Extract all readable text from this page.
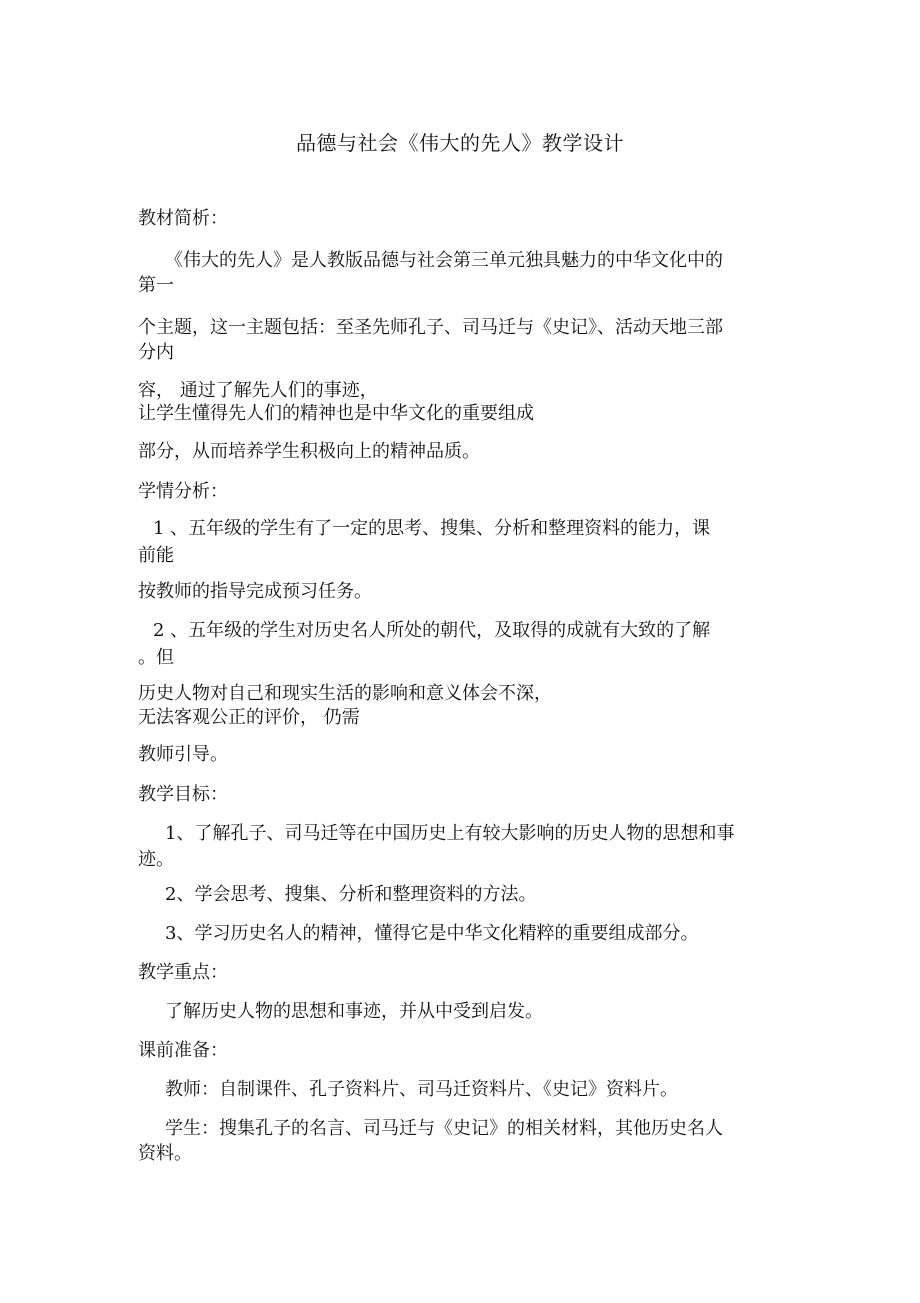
品德与社会《伟大的先人》教学设计
教材简析：
《伟大的先人》是人教版品德与社会第三单元独具魅力的中华文化中的
第一
个主题，这一主题包括：至圣先师孔子、司马迁与《史记》、活动天地三部
分内
容， 通过了解先人们的事迹，
让学生懂得先人们的精神也是中华文化的重要组成
部分，从而培养学生积极向上的精神品质。
学情分析：
1 、五年级的学生有了一定的思考、搜集、分析和整理资料的能力，课
前能
按教师的指导完成预习任务。
2 、五年级的学生对历史名人所处的朝代，及取得的成就有大致的了解
。但
历史人物对自己和现实生活的影响和意义体会不深，
无法客观公正的评价， 仍需
教师引导。
教学目标：
1、了解孔子、司马迁等在中国历史上有较大影响的历史人物的思想和事
迹。
2、学会思考、搜集、分析和整理资料的方法。
3、学习历史名人的精神，懂得它是中华文化精粹的重要组成部分。
教学重点：
了解历史人物的思想和事迹，并从中受到启发。
课前准备：
教师：自制课件、孔子资料片、司马迁资料片、《史记》资料片。
学生：搜集孔子的名言、司马迁与《史记》的相关材料，其他历史名人
资料。
